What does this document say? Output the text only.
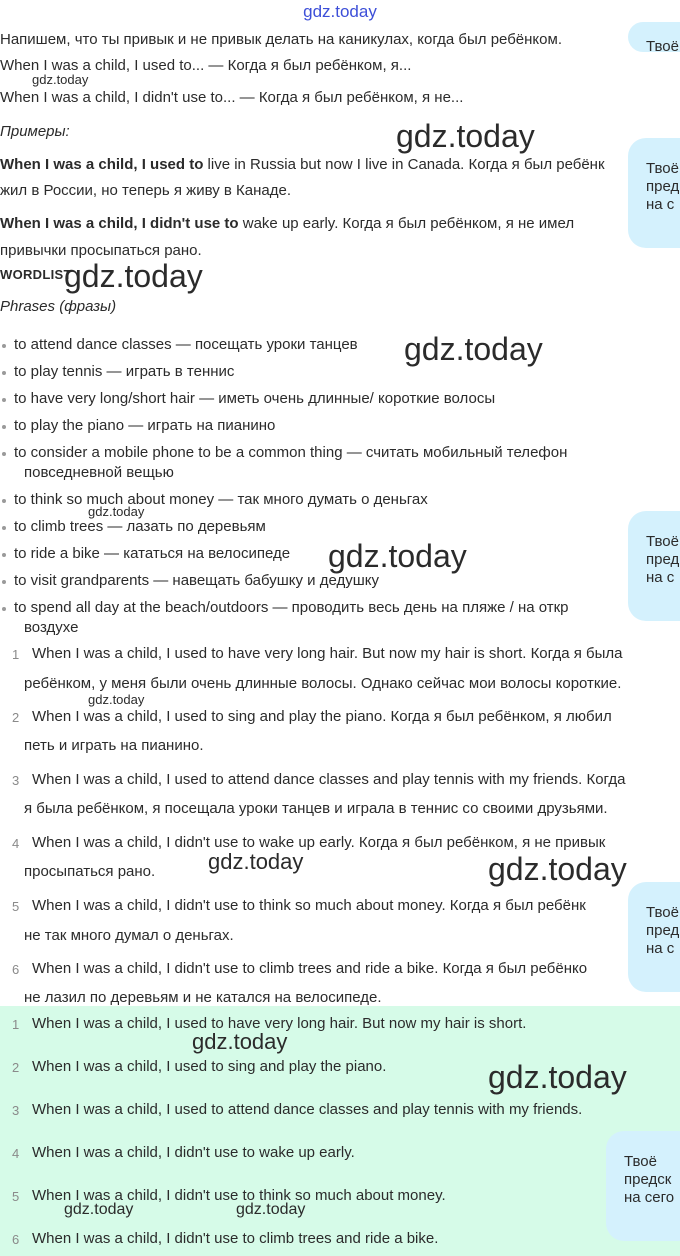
gdz.today
Напишем, что ты привык и не привык делать на каникулах, когда был ребёнком.
When I was a child, I used to... — Когда я был ребёнком, я...
When I was a child, I didn't use to... — Когда я был ребёнком, я не...
Примеры:
When I was a child, I used to live in Russia but now I live in Canada. Когда я был ребёнк
жил в России, но теперь я живу в Канаде.
When I was a child, I didn't use to wake up early. Когда я был ребёнком, я не имел
привычки просыпаться рано.
WORDLIST
Phrases (фразы)
to attend dance classes — посещать уроки танцев
to play tennis — играть в теннис
to have very long/short hair — иметь очень длинные/ короткие волосы
to play the piano — играть на пианино
to consider a mobile phone to be a common thing — считать мобильный телефон
повседневной вещью
to think so much about money — так много думать о деньгах
to climb trees — лазать по деревьям
to ride a bike — кататься на велосипеде
to visit grandparents — навещать бабушку и дедушку
to spend all day at the beach/outdoors — проводить весь день на пляже / на откр
воздухе
1 When I was a child, I used to have very long hair. But now my hair is short. Когда я была
ребёнком, у меня были очень длинные волосы. Однако сейчас мои волосы короткие.
2 When I was a child, I used to sing and play the piano. Когда я был ребёнком, я любил
петь и играть на пианино.
3 When I was a child, I used to attend dance classes and play tennis with my friends. Когда
я была ребёнком, я посещала уроки танцев и играла в теннис со своими друзьями.
4 When I was a child, I didn't use to wake up early. Когда я был ребёнком, я не привык
просыпаться рано.
5 When I was a child, I didn't use to think so much about money. Когда я был ребёнк
не так много думал о деньгах.
6 When I was a child, I didn't use to climb trees and ride a bike. Когда я был ребёнко
не лазил по деревьям и не катался на велосипеде.
1 When I was a child, I used to have very long hair. But now my hair is short.
2 When I was a child, I used to sing and play the piano.
3 When I was a child, I used to attend dance classes and play tennis with my friends.
4 When I was a child, I didn't use to wake up early.
5 When I was a child, I didn't use to think so much about money.
6 When I was a child, I didn't use to climb trees and ride a bike.
gdz.today
gdz.today
gdz.today
gdz.today
gdz.today
gdz.today
gdz.today
gdz.today	gdz.today
gdz.today
gdz.today
gdz.today	gdz.today
Твоё
Твоё
пред
на с
Твоё
пред
на с
Твоё
пред
на с
Твоё
предск
на сего
